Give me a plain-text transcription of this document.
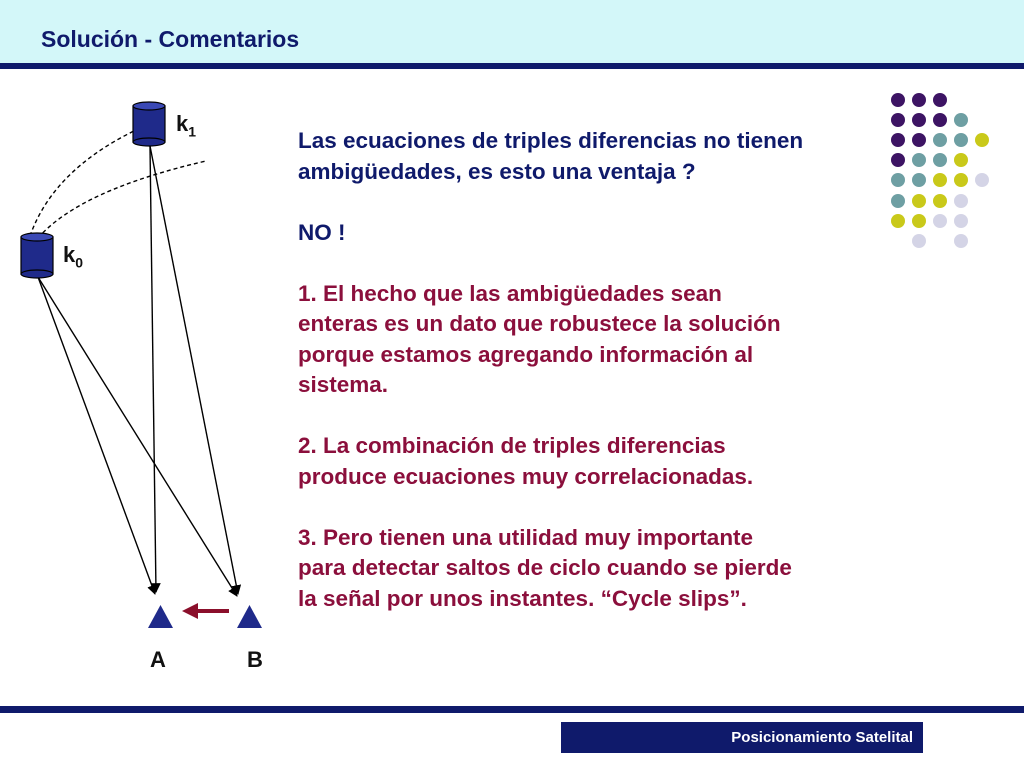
Solución - Comentarios
$k_1$
$k_0$
A	B

Las ecuaciones de triples diferencias no tienen

ambigüedades, es esto una ventaja ?

NO !

1. El hecho que las ambigüedades sean

enteras es un dato que robustece la solución

porque estamos agregando información al

sistema.

2. La combinación de triples diferencias

produce ecuaciones muy correlacionadas.

3. Pero tienen una utilidad muy importante

para detectar saltos de ciclo cuando se pierde

la señal por unos instantes. “Cycle slips”.

Posicionamiento Satelital
